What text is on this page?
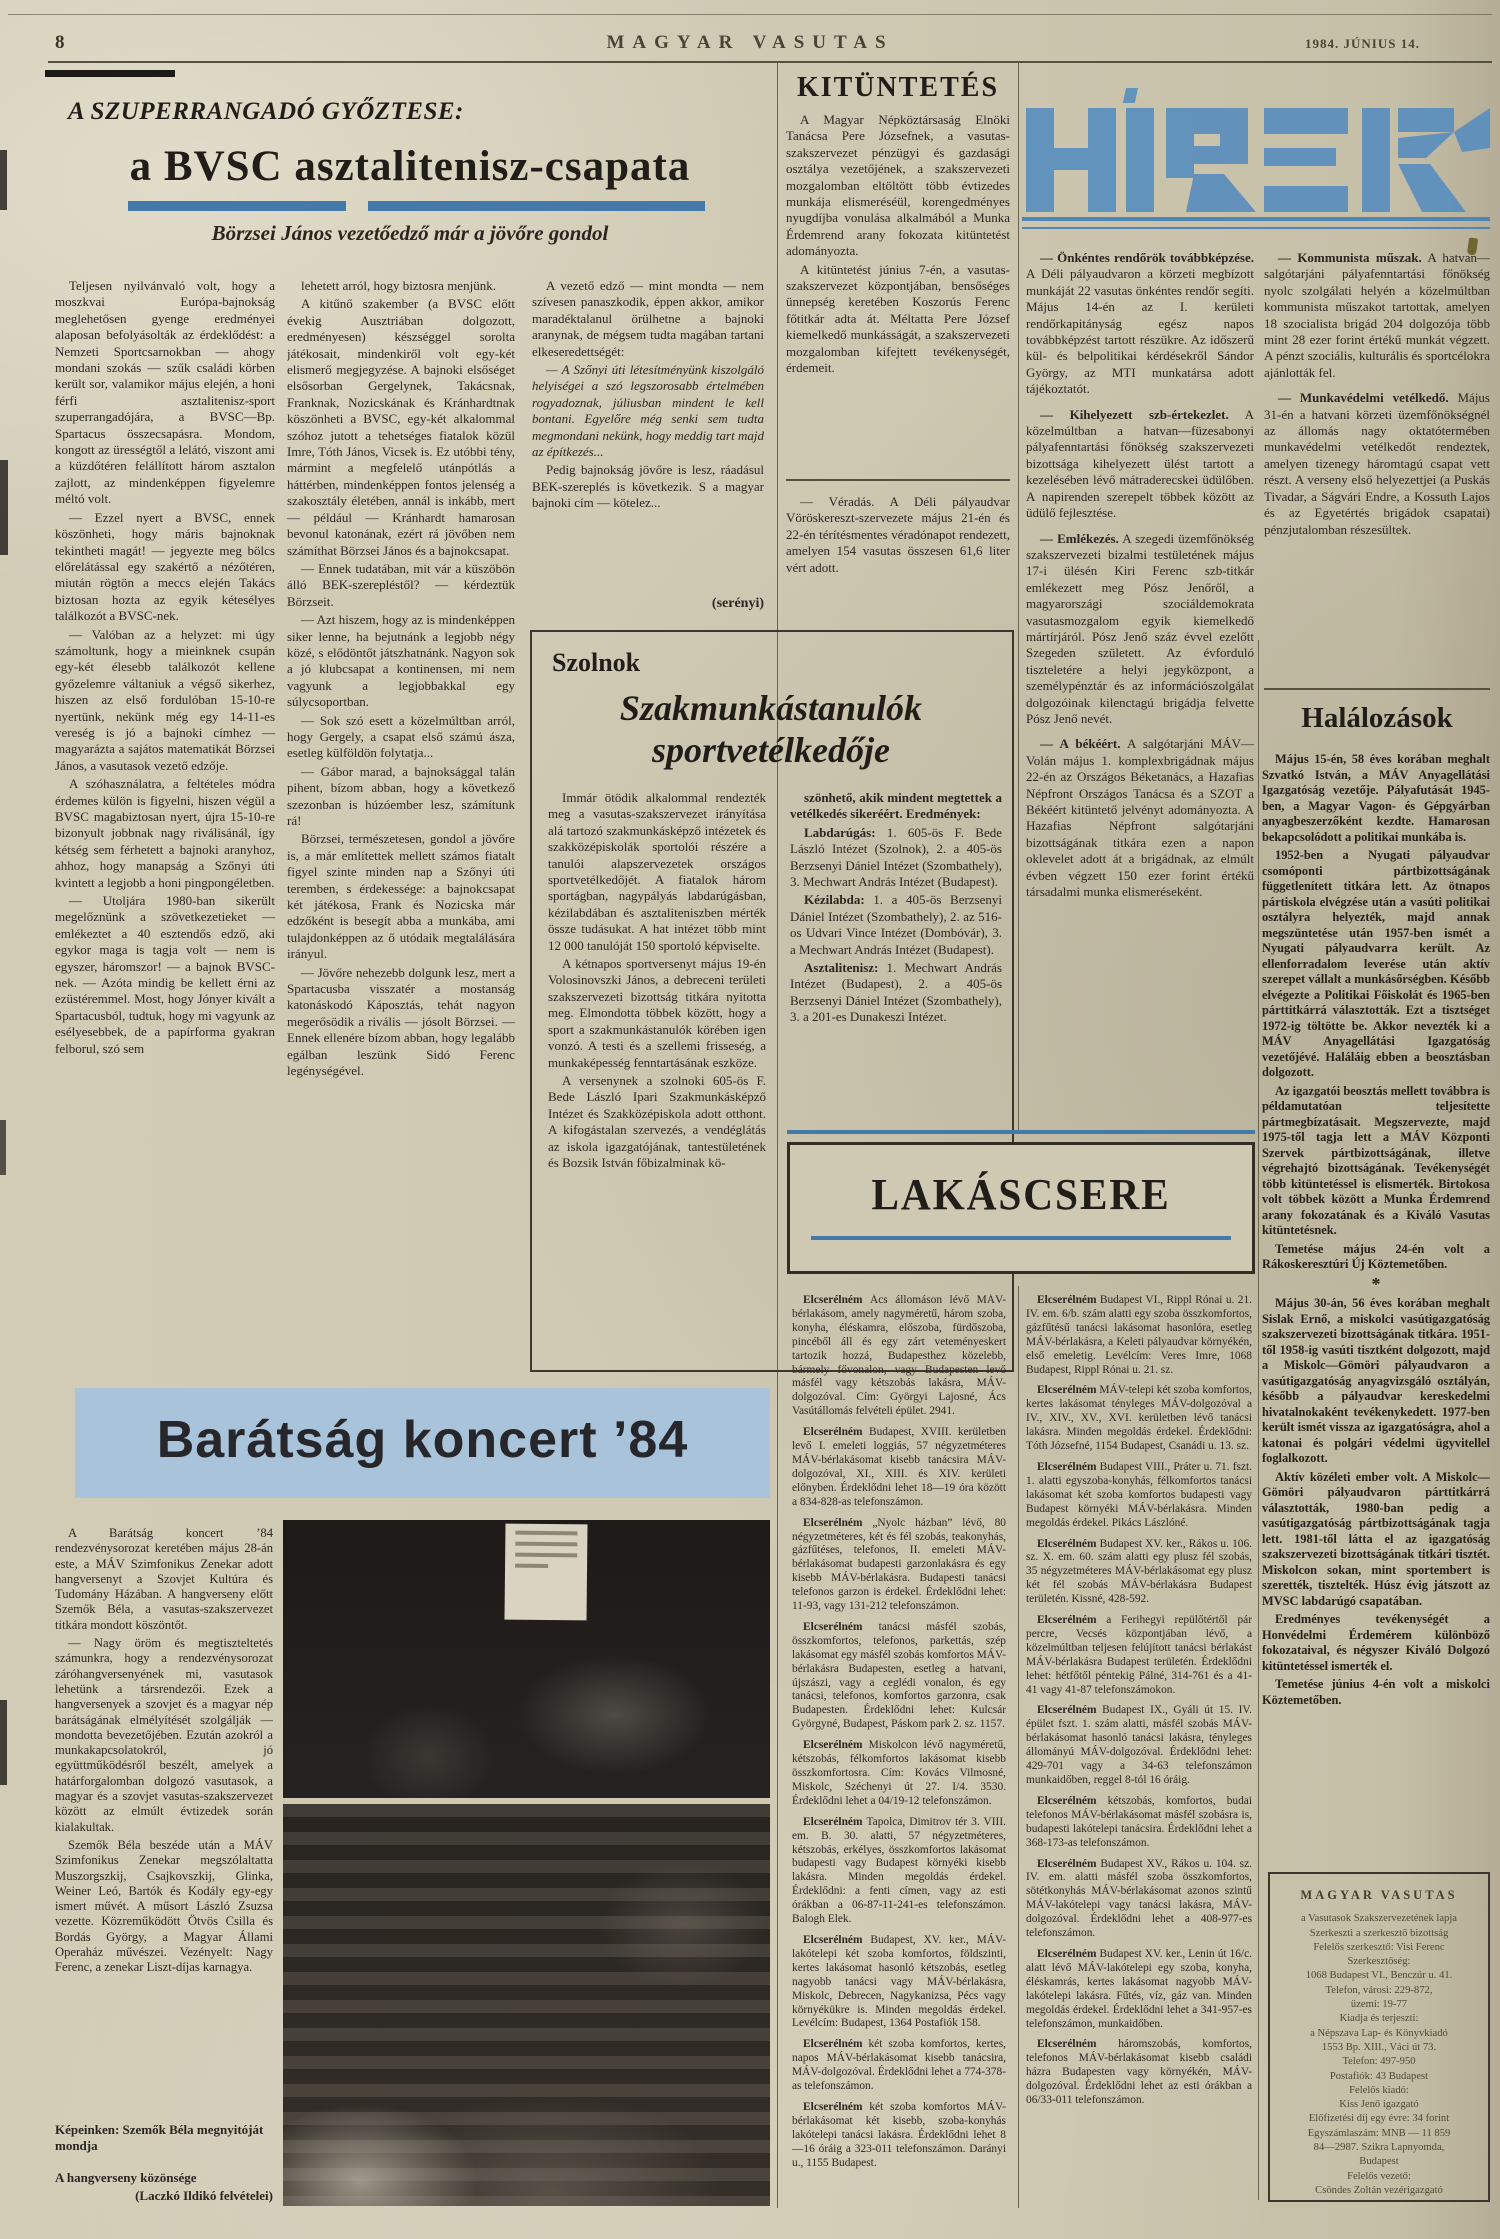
8	MAGYAR VASUTAS	1984. JÚNIUS 14.
A SZUPERRANGADÓ GYŐZTESE:
a BVSC asztalitenisz-csapata
Börzsei János vezetőedző már a jövőre gondol

Teljesen nyilvánvaló volt, hogy a moszkvai Európa-bajnokság meglehetősen gyenge eredményei alaposan befolyásolták az érdeklődést: a Nemzeti Sportcsarnokban — ahogy mondani szokás — szűk családi körben került sor, valamikor május elején, a honi férfi asztalitenisz-sport szuperrangadójára, a BVSC—Bp. Spartacus összecsapásra. Mondom, kongott az ürességtől a lelátó, viszont ami a küzdőtéren felállított három asztalon zajlott, az mindenképpen figyelemre méltó volt.

— Ezzel nyert a BVSC, ennek köszönheti, hogy máris bajnoknak tekintheti magát! — jegyezte meg bölcs előrelátással egy szakértő a nézőtéren, miután rögtön a meccs elején Takács biztosan hozta az egyik kétesélyes találkozót a BVSC-nek.

— Valóban az a helyzet: mi úgy számoltunk, hogy a mieinknek csupán egy-két élesebb találkozót kellene győzelemre váltaniuk a végső sikerhez, hiszen az első fordulóban 15-10-re nyertünk, nekünk még egy 14-11-es vereség is jó a bajnoki címhez — magyarázta a sajátos matematikát Börzsei János, a vasutasok vezető edzője.

A szóhasználatra, a feltételes módra érdemes külön is figyelni, hiszen végül a BVSC magabiztosan nyert, újra 15-10-re bizonyult jobbnak nagy riválisánál, így kétség sem férhetett a bajnoki aranyhoz, ahhoz, hogy manapság a Szőnyi úti kvintett a legjobb a honi pingpongéletben.

— Utoljára 1980-ban sikerült megelőznünk a szövetkezetieket — emlékeztet a 40 esztendős edző, aki egykor maga is tagja volt — nem is egyszer, háromszor! — a bajnok BVSC-nek. — Azóta mindig be kellett érni az ezüstéremmel. Most, hogy Jónyer kivált a Spartacusból, tudtuk, hogy mi vagyunk az esélyesebbek, de a papírforma gyakran felborul, szó sem

lehetett arról, hogy biztosra menjünk.

A kitűnő szakember (a BVSC előtt évekig Ausztriában dolgozott, eredményesen) készséggel sorolta játékosait, mindenkiről volt egy-két elismerő megjegyzése. A bajnoki elsőséget elsősorban Gergelynek, Takácsnak, Franknak, Nozicskának és Kránhardtnak köszönheti a BVSC, egy-két alkalommal szóhoz jutott a tehetséges fiatalok közül Imre, Tóth János, Vicsek is. Ez utóbbi tény, mármint a megfelelő utánpótlás a háttérben, mindenképpen fontos jelenség a szakosztály életében, annál is inkább, mert — például — Kránhardt hamarosan bevonul katonának, ezért rá jövőben nem számíthat Börzsei János és a bajnokcsapat.

— Ennek tudatában, mit vár a küszöbön álló BEK-szerepléstől? — kérdeztük Börzseit.

— Azt hiszem, hogy az is mindenképpen siker lenne, ha bejutnánk a legjobb négy közé, s elődöntőt játszhatnánk. Nagyon sok a jó klubcsapat a kontinensen, mi nem vagyunk a legjobbakkal egy súlycsoportban.

— Sok szó esett a közelmúltban arról, hogy Gergely, a csapat első számú ásza, esetleg külföldön folytatja...

— Gábor marad, a bajnoksággal talán pihent, bízom abban, hogy a következő szezonban is húzóember lesz, számítunk rá!

Börzsei, természetesen, gondol a jövőre is, a már említettek mellett számos fiatalt figyel szinte minden nap a Szőnyi úti teremben, s érdekessége: a bajnokcsapat két játékosa, Frank és Nozicska már edzőként is besegít abba a munkába, ami tulajdonképpen az ő utódaik megtalálására irányul.

— Jövőre nehezebb dolgunk lesz, mert a Spartacusba visszatér a mostanság katonáskodó Káposztás, tehát nagyon megerősödik a rivális — jósolt Börzsei. — Ennek ellenére bízom abban, hogy legalább egálban leszünk Sidó Ferenc legénységével.

A vezető edző — mint mondta — nem szívesen panaszkodik, éppen akkor, amikor maradéktalanul örülhetne a bajnoki aranynak, de mégsem tudta magában tartani elkeseredettségét:

— A Szőnyi úti létesítményünk kiszolgáló helyiségei a szó legszorosabb értelmében rogyadoznak, júliusban mindent le kell bontani. Egyelőre még senki sem tudta megmondani nekünk, hogy meddig tart majd az építkezés...

Pedig bajnokság jövőre is lesz, ráadásul BEK-szereplés is következik. S a magyar bajnoki cím — kötelez...

(serényi)
KITÜNTETÉS

A Magyar Népköztársaság Elnöki Tanácsa Pere Józsefnek, a vasutas-szakszervezet pénzügyi és gazdasági osztálya vezetőjének, a szakszervezeti mozgalomban eltöltött több évtizedes munkája elismeréséül, korengedményes nyugdíjba vonulása alkalmából a Munka Érdemrend arany fokozata kitüntetést adományozta.

A kitüntetést június 7-én, a vasutas-szakszervezet központjában, bensőséges ünnepség keretében Koszorús Ferenc főtitkár adta át. Méltatta Pere József kiemelkedő munkásságát, a szakszervezeti mozgalomban kifejtett tevékenységét, érdemeit.

— Véradás. A Déli pályaudvar Vöröskereszt-szervezete május 21-én és 22-én térítésmentes véradónapot rendezett, amelyen 154 vasutas összesen 61,6 liter vért adott.

— Önkéntes rendőrök továbbképzése. A Déli pályaudvaron a körzeti megbízott munkáját 22 vasutas önkéntes rendőr segíti. Május 14-én az I. kerületi rendőrkapitányság egész napos továbbképzést tartott részükre. Az időszerű kül- és belpolitikai kérdésekről Sándor György, az MTI munkatársa adott tájékoztatót.

— Kihelyezett szb-értekezlet. A közelmúltban a hatvan—füzesabonyi pályafenntartási főnökség szakszervezeti bizottsága kihelyezett ülést tartott a kezelésében lévő mátraderecskei üdülőben. A napirenden szerepelt többek között az üdülő fejlesztése.

— Emlékezés. A szegedi üzemfőnökség szakszervezeti bizalmi testületének május 17-i ülésén Kiri Ferenc szb-titkár emlékezett meg Pósz Jenőről, a magyarországi szociáldemokrata vasutasmozgalom egyik kiemelkedő mártírjáról. Pósz Jenő száz évvel ezelőtt Szegeden született. Az évforduló tiszteletére a helyi jegyközpont, a személypénztár és az információszolgálat dolgozóinak kilenctagú brigádja felvette Pósz Jenő nevét.

— A békéért. A salgótarjáni MÁV—Volán május 1. komplexbrigádnak május 22-én az Országos Béketanács, a Hazafias Népfront Országos Tanácsa és a SZOT a Békéért kitüntető jelvényt adományozta. A Hazafias Népfront salgótarjáni bizottságának titkára ezen a napon oklevelet adott át a brigádnak, az elmúlt évben végzett 150 ezer forint értékű társadalmi munka elismeréseként.

— Kommunista műszak. A hatvan—salgótarjáni pályafenntartási főnökség nyolc szolgálati helyén a közelmúltban kommunista műszakot tartottak, amelyen 18 szocialista brigád 204 dolgozója több mint 28 ezer forint értékű munkát végzett. A pénzt szociális, kulturális és sportcélokra ajánlották fel.

— Munkavédelmi vetélkedő. Május 31-én a hatvani körzeti üzemfőnökségnél az állomás nagy oktatótermében munkavédelmi vetélkedőt rendeztek, amelyen tizenegy háromtagú csapat vett részt. A verseny első helyezettjei (a Puskás Tivadar, a Ságvári Endre, a Kossuth Lajos és az Egyetértés brigádok csapatai) pénzjutalomban részesültek.

Halálozások

Május 15-én, 58 éves korában meghalt Szvatkó István, a MÁV Anyagellátási Igazgatóság vezetője. Pályafutását 1945-ben, a Magyar Vagon- és Gépgyárban anyagbeszerzőként kezdte. Hamarosan bekapcsolódott a politikai munkába is.

1952-ben a Nyugati pályaudvar csomóponti pártbizottságának függetlenített titkára lett. Az ötnapos pártiskola elvégzése után a vasúti politikai osztályra helyezték, majd annak megszüntetése után 1957-ben ismét a Nyugati pályaudvarra került. Az ellenforradalom leverése után aktív szerepet vállalt a munkásőrségben. Később elvégezte a Politikai Főiskolát és 1965-ben párttitkárrá választották. Ezt a tisztséget 1972-ig töltötte be. Akkor nevezték ki a MÁV Anyagellátási Igazgatóság vezetőjévé. Haláláig ebben a beosztásban dolgozott.

Az igazgatói beosztás mellett továbbra is példamutatóan teljesítette pártmegbízatásait. Megszervezte, majd 1975-től tagja lett a MÁV Központi Szervek pártbizottságának, illetve végrehajtó bizottságának. Tevékenységét több kitüntetéssel is elismerték. Birtokosa volt többek között a Munka Érdemrend arany fokozatának és a Kiváló Vasutas kitüntetésnek.

Temetése május 24-én volt a Rákoskeresztúri Új Köztemetőben.

*

Május 30-án, 56 éves korában meghalt Sislak Ernő, a miskolci vasútigazgatóság szakszervezeti bizottságának titkára. 1951-től 1958-ig vasúti tisztként dolgozott, majd a Miskolc—Gömöri pályaudvaron a vasútigazgatóság anyagvizsgáló osztályán, később a pályaudvar kereskedelmi hivatalnokaként tevékenykedett. 1977-ben került ismét vissza az igazgatóságra, ahol a katonai és polgári védelmi ügyvitellel foglalkozott.

Aktív közéleti ember volt. A Miskolc—Gömöri pályaudvaron párttitkárrá választották, 1980-ban pedig a vasútigazgatóság pártbizottságának tagja lett. 1981-től látta el az igazgatóság szakszervezeti bizottságának titkári tisztét. Miskolcon sokan, mint sportembert is szerették, tisztelték. Húsz évig játszott az MVSC labdarúgó csapatában.

Eredményes tevékenységét a Honvédelmi Érdemérem különböző fokozataival, és négyszer Kiváló Dolgozó kitüntetéssel ismerték el.

Temetése június 4-én volt a miskolci Köztemetőben.

MAGYAR VASUTAS

a Vasutasok Szakszervezetének lapja

Szerkeszti a szerkesztő bizottság

Felelős szerkesztő: Visi Ferenc

Szerkesztőség:

1068 Budapest VI., Benczúr u. 41.

Telefon, városi: 229-872,

üzemi: 19-77

Kiadja és terjeszti:

a Népszava Lap- és Könyvkiadó

1553 Bp. XIII., Váci út 73.

Telefon: 497-950

Postafiók: 43 Budapest

Felelős kiadó:

Kiss Jenő igazgató

Előfizetési díj egy évre: 34 forint

Egyszámlaszám: MNB — 11 859

84—2987. Szikra Lapnyomda,

Budapest

Felelős vezető:

Csöndes Zoltán vezérigazgató

Szolnok
Szakmunkástanulók
sportvetélkedője

Immár ötödik alkalommal rendezték meg a vasutas-szakszervezet irányítása alá tartozó szakmunkásképző intézetek és szakközépiskolák sportolói részére a tanulói alapszervezetek országos sportvetélkedőjét. A fiatalok három sportágban, nagypályás labdarúgásban, kézilabdában és asztaliteniszben mérték össze tudásukat. A hat intézet több mint 12 000 tanulóját 150 sportoló képviselte.

A kétnapos sportversenyt május 19-én Volosinovszki János, a debreceni területi szakszervezeti bizottság titkára nyitotta meg. Elmondotta többek között, hogy a sport a szakmunkástanulók körében igen vonzó. A testi és a szellemi frisseség, a munkaképesség fenntartásának eszköze.

A versenynek a szolnoki 605-ös F. Bede László Ipari Szakmunkásképző Intézet és Szakközépiskola adott otthont. A kifogástalan szervezés, a vendéglátás az iskola igazgatójának, tantestületének és Bozsik István főbizalminak kö-

szönhető, akik mindent megtettek a vetélkedés sikeréért. Eredmények:

Labdarúgás: 1. 605-ös F. Bede László Intézet (Szolnok), 2. a 405-ös Berzsenyi Dániel Intézet (Szombathely), 3. Mechwart András Intézet (Budapest).

Kézilabda: 1. a 405-ös Berzsenyi Dániel Intézet (Szombathely), 2. az 516-os Udvari Vince Intézet (Dombóvár), 3. a Mechwart András Intézet (Budapest).

Asztalitenisz: 1. Mechwart András Intézet (Budapest), 2. a 405-ös Berzsenyi Dániel Intézet (Szombathely), 3. a 201-es Dunakeszi Intézet.

LAKÁSCSERE

Elcserélném Ács állomáson lévő MÁV-bérlakásom, amely nagyméretű, három szoba, konyha, éléskamra, előszoba, fürdőszoba, pincéből áll és egy zárt veteményeskert tartozik hozzá, Budapesthez közelebb, bármely fővonalon, vagy Budapesten levő másfél vagy kétszobás lakásra, MÁV-dolgozóval. Cím: Györgyi Lajosné, Ács Vasútállomás felvételi épület. 2941.

Elcserélném Budapest, XVIII. kerületben levő I. emeleti loggiás, 57 négyzetméteres MÁV-bérlakásomat kisebb tanácsira MÁV-dolgozóval, XI., XIII. és XIV. kerületi előnyben. Érdeklődni lehet 18—19 óra között a 834-828-as telefonszámon.

Elcserélném „Nyolc házban” lévő, 80 négyzetméteres, két és fél szobás, teakonyhás, gázfűtéses, telefonos, II. emeleti MÁV-bérlakásomat budapesti garzonlakásra és egy kisebb MÁV-bérlakásra. Budapesti tanácsi telefonos garzon is érdekel. Érdeklődni lehet: 11-93, vagy 131-212 telefonszámon.

Elcserélném tanácsi másfél szobás, összkomfortos, telefonos, parkettás, szép lakásomat egy másfél szobás komfortos MÁV-bérlakásra Budapesten, esetleg a hatvani, újszászi, vagy a ceglédi vonalon, és egy tanácsi, telefonos, komfortos garzonra, csak Budapesten. Érdeklődni lehet: Kulcsár Györgyné, Budapest, Páskom park 2. sz. 1157.

Elcserélném Miskolcon lévő nagyméretű, kétszobás, félkomfortos lakásomat kisebb összkomfortosra. Cím: Kovács Vilmosné, Miskolc, Széchenyi út 27. I/4. 3530. Érdeklődni lehet a 04/19-12 telefonszámon.

Elcserélném Tapolca, Dimitrov tér 3. VIII. em. B. 30. alatti, 57 négyzetméteres, kétszobás, erkélyes, összkomfortos lakásomat budapesti vagy Budapest környéki kisebb lakásra. Minden megoldás érdekel. Érdeklődni: a fenti címen, vagy az esti órákban a 06-87-11-241-es telefonszámon. Balogh Elek.

Elcserélném Budapest, XV. ker., MÁV-lakótelepi két szoba komfortos, földszinti, kertes lakásomat hasonló kétszobás, esetleg nagyobb tanácsi vagy MÁV-bérlakásra, Miskolc, Debrecen, Nagykanizsa, Pécs vagy környékükre is. Minden megoldás érdekel. Levélcím: Budapest, 1364 Postafiók 158.

Elcserélném két szoba komfortos, kertes, napos MÁV-bérlakásomat kisebb tanácsira, MÁV-dolgozóval. Érdeklődni lehet a 774-378-as telefonszámon.

Elcserélném két szoba komfortos MÁV-bérlakásomat két kisebb, szoba-konyhás lakótelepi tanácsi lakásra. Érdeklődni lehet 8—16 óráig a 323-011 telefonszámon. Darányi u., 1155 Budapest.

Elcserélném Budapest VI., Rippl Rónai u. 21. IV. em. 6/b. szám alatti egy szoba összkomfortos, gázfűtésű tanácsi lakásomat hasonlóra, esetleg MÁV-bérlakásra, a Keleti pályaudvar környékén, első emeletig. Levélcím: Veres Imre, 1068 Budapest, Rippl Rónai u. 21. sz.

Elcserélném MÁV-telepi két szoba komfortos, kertes lakásomat tényleges MÁV-dolgozóval a IV., XIV., XV., XVI. kerületben lévő tanácsi lakásra. Minden megoldás érdekel. Érdeklődni: Tóth Józsefné, 1154 Budapest, Csanádi u. 13. sz.

Elcserélném Budapest VIII., Práter u. 71. fszt. 1. alatti egyszoba-konyhás, félkomfortos tanácsi lakásomat két szoba komfortos budapesti vagy Budapest környéki MÁV-bérlakásra. Minden megoldás érdekel. Pikács Lászlóné.

Elcserélném Budapest XV. ker., Rákos u. 106. sz. X. em. 60. szám alatti egy plusz fél szobás, 35 négyzetméteres MÁV-bérlakásomat egy plusz két fél szobás MÁV-bérlakásra Budapest területén. Kissné, 428-592.

Elcserélném a Ferihegyi repülőtértől pár percre, Vecsés központjában lévő, a közelmúltban teljesen felújított tanácsi bérlakást MÁV-bérlakásra Budapest területén. Érdeklődni lehet: hétfőtől péntekig Pálné, 314-761 és a 41-41 vagy 41-87 telefonszámokon.

Elcserélném Budapest IX., Gyáli út 15. IV. épület fszt. 1. szám alatti, másfél szobás MÁV-bérlakásomat hasonló tanácsi lakásra, tényleges állományú MÁV-dolgozóval. Érdeklődni lehet: 429-701 vagy a 34-63 telefonszámon munkaidőben, reggel 8-tól 16 óráig.

Elcserélném kétszobás, komfortos, budai telefonos MÁV-bérlakásomat másfél szobásra is, budapesti lakótelepi tanácsira. Érdeklődni lehet a 368-173-as telefonszámon.

Elcserélném Budapest XV., Rákos u. 104. sz. IV. em. alatti másfél szoba összkomfortos, sötétkonyhás MÁV-bérlakásomat azonos szintű MÁV-lakótelepi vagy tanácsi lakásra, MÁV-dolgozóval. Érdeklődni lehet a 408-977-es telefonszámon.

Elcserélném Budapest XV. ker., Lenin út 16/c. alatt lévő MÁV-lakótelepi egy szoba, konyha, éléskamrás, kertes lakásomat nagyobb MÁV-lakótelepi lakásra. Fűtés, víz, gáz van. Minden megoldás érdekel. Érdeklődni lehet a 341-957-es telefonszámon, munkaidőben.

Elcserélném háromszobás, komfortos, telefonos MÁV-bérlakásomat kisebb családi házra Budapesten vagy környékén, MÁV-dolgozóval. Érdeklődni lehet az esti órákban a 06/33-011 telefonszámon.

Barátság koncert ’84

A Barátság koncert ’84 rendezvénysorozat keretében május 28-án este, a MÁV Szimfonikus Zenekar adott hangversenyt a Szovjet Kultúra és Tudomány Házában. A hangverseny előtt Szemők Béla, a vasutas-szakszervezet titkára mondott köszöntőt.

— Nagy öröm és megtiszteltetés számunkra, hogy a rendezvénysorozat záróhangversenyének mi, vasutasok lehetünk a társrendezői. Ezek a hangversenyek a szovjet és a magyar nép barátságának elmélyítését szolgálják — mondotta bevezetőjében. Ezután azokról a munkakapcsolatokról, jó együttműködésről beszélt, amelyek a határforgalomban dolgozó vasutasok, a magyar és a szovjet vasutas-szakszervezet között az elmúlt évtizedek során kialakultak.

Szemők Béla beszéde után a MÁV Szimfonikus Zenekar megszólaltatta Muszorgszkij, Csajkovszkij, Glinka, Weiner Leó, Bartók és Kodály egy-egy ismert művét. A műsort László Zsuzsa vezette. Közreműködött Ötvös Csilla és Bordás György, a Magyar Állami Operaház művészei. Vezényelt: Nagy Ferenc, a zenekar Liszt-díjas karnagya.

Képeinken: Szemők Béla megnyitóját mondja
A hangverseny közönsége
(Laczkó Ildikó felvételei)
